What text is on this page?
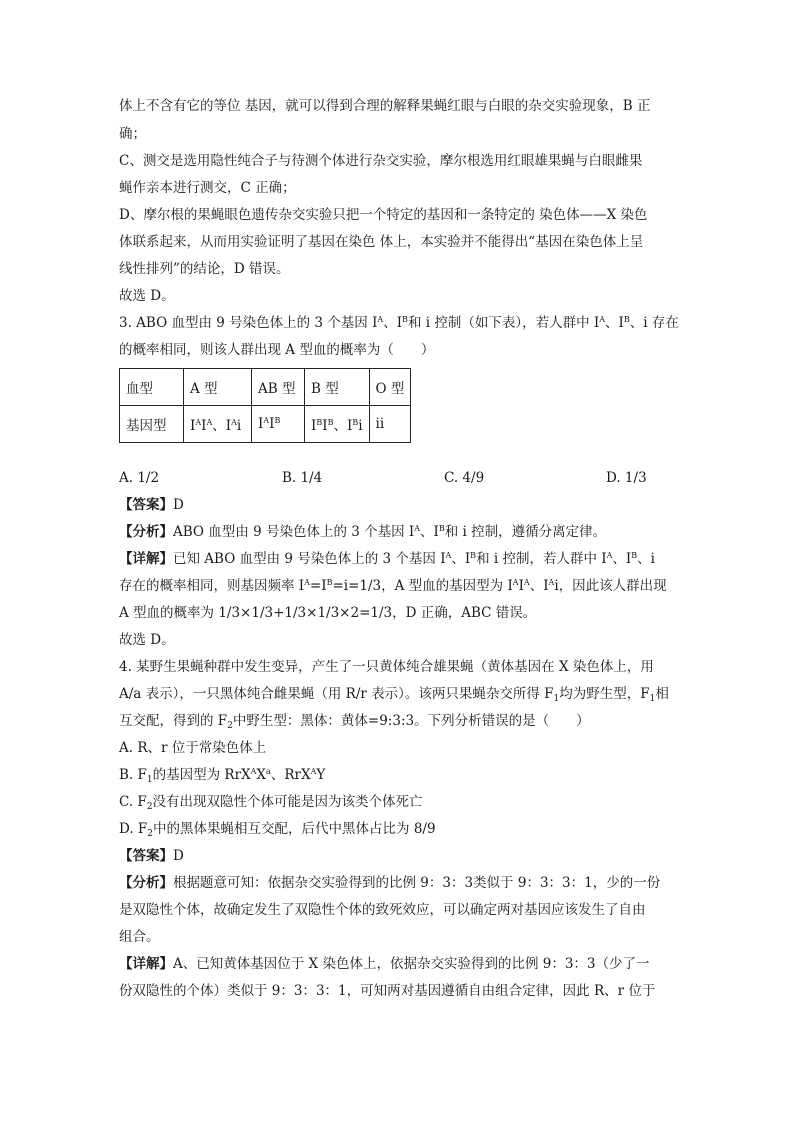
体上不含有它的等位 基因，就可以得到合理的解释果蝇红眼与白眼的杂交实验现象，B 正
确；
C、测交是选用隐性纯合子与待测个体进行杂交实验，摩尔根选用红眼雄果蝇与白眼雌果
蝇作亲本进行测交，C 正确；
D、摩尔根的果蝇眼色遗传杂交实验只把一个特定的基因和一条特定的 染色体——X 染色
体联系起来，从而用实验证明了基因在染色 体上，本实验并不能得出“基因在染色体上呈
线性排列”的结论，D 错误。
故选 D。
3. ABO 血型由 9 号染色体上的 3 个基因 $I^A$、$I^B$和 i 控制（如下表），若人群中 $I^A$、$I^B$、i 存在
的概率相同，则该人群出现 A 型血的概率为（　　）
血型	A 型	AB 型	B 型	O 型
基因型	$I^AI^A$、$I^Ai$	$I^AI^B$	$I^BI^B$、$I^Bi$	ii
A. 1/2	B. 1/4	C. 4/9	D. 1/3
【答案】D
【分析】ABO 血型由 9 号染色体上的 3 个基因 $I^A$、$I^B$和 i 控制，遵循分离定律。
【详解】已知 ABO 血型由 9 号染色体上的 3 个基因 $I^A$、$I^B$和 i 控制，若人群中 $I^A$、$I^B$、i
存在的概率相同，则基因频率 $I^A=I^B=i=1/3$，A 型血的基因型为 $I^AI^A$、$I^Ai$，因此该人群出现
A 型血的概率为 1/3×1/3+1/3×1/3×2=1/3，D 正确，ABC 错误。
故选 D。
4. 某野生果蝇种群中发生变异，产生了一只黄体纯合雄果蝇（黄体基因在 X 染色体上，用
A/a 表示），一只黑体纯合雌果蝇（用 R/r 表示）。该两只果蝇杂交所得 $F_1$均为野生型，$F_1$相
互交配，得到的 $F_2$中野生型：黑体：黄体=9:3:3。下列分析错误的是（　　）
A. R、r 位于常染色体上
B. $F_1$的基因型为 $RrX^AX^a$、RrX$^A$Y
C. $F_2$没有出现双隐性个体可能是因为该类个体死亡
D. $F_2$中的黑体果蝇相互交配，后代中黑体占比为 8/9
【答案】D
【分析】根据题意可知：依据杂交实验得到的比例 9：3：3类似于 9：3：3：1，少的一份
是双隐性个体，故确定发生了双隐性个体的致死效应，可以确定两对基因应该发生了自由
组合。
【详解】A、已知黄体基因位于 X 染色体上，依据杂交实验得到的比例 9：3：3（少了一
份双隐性的个体）类似于 9：3：3：1，可知两对基因遵循自由组合定律，因此 R、r 位于
